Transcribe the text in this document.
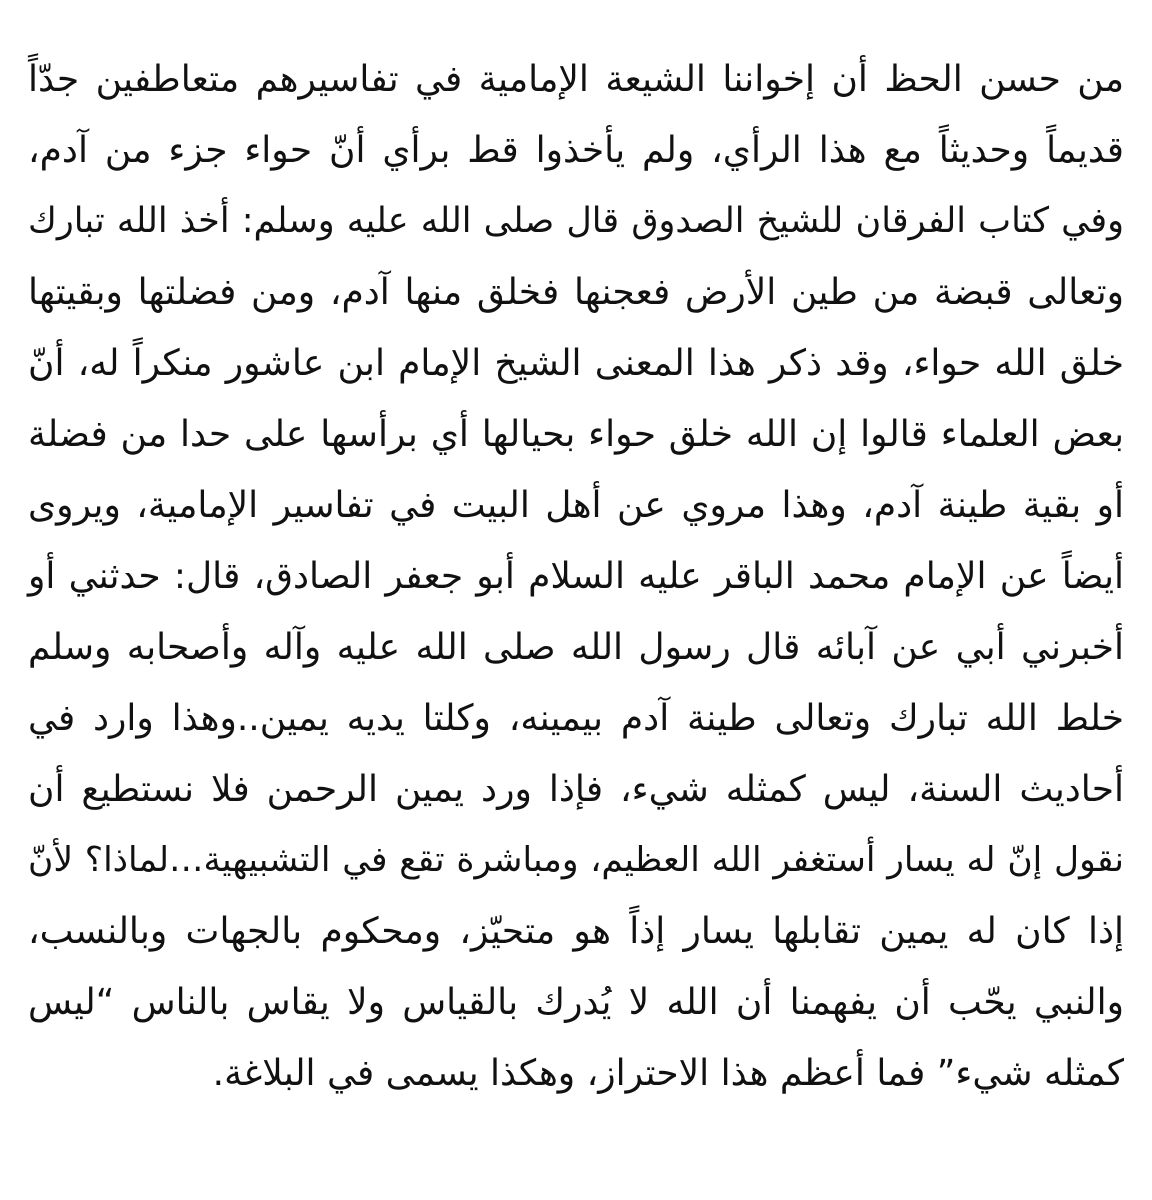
من حسن الحظ أن إخواننا الشيعة الإمامية في تفاسيرهم متعاطفين جدّاً
قديماً وحديثاً مع هذا الرأي، ولم يأخذوا قط برأي أنّ حواء جزء من آدم،
وفي كتاب الفرقان للشيخ الصدوق قال صلى الله عليه وسلم: أخذ الله تبارك
وتعالى قبضة من طين الأرض فعجنها فخلق منها آدم، ومن فضلتها وبقيتها
خلق الله حواء، وقد ذكر هذا المعنى الشيخ الإمام ابن عاشور منكراً له، أنّ
بعض العلماء قالوا إن الله خلق حواء بحيالها أي برأسها على حدا من فضلة
أو بقية طينة آدم، وهذا مروي عن أهل البيت في تفاسير الإمامية، ويروى
أيضاً عن الإمام محمد الباقر عليه السلام أبو جعفر الصادق، قال: حدثني أو
أخبرني أبي عن آبائه قال رسول الله صلى الله عليه وآله وأصحابه وسلم
خلط الله تبارك وتعالى طينة آدم بيمينه، وكلتا يديه يمين..وهذا وارد في
أحاديث السنة، ليس كمثله شيء، فإذا ورد يمين الرحمن فلا نستطيع أن
نقول إنّ له يسار أستغفر الله العظيم، ومباشرة تقع في التشبيهية…لماذا؟ لأنّ
إذا كان له يمين تقابلها يسار إذاً هو متحيّز، ومحكوم بالجهات وبالنسب،
والنبي يحّب أن يفهمنا أن الله لا يُدرك بالقياس ولا يقاس بالناس “ليس
كمثله شيء” فما أعظم هذا الاحتراز، وهكذا يسمى في البلاغة.
